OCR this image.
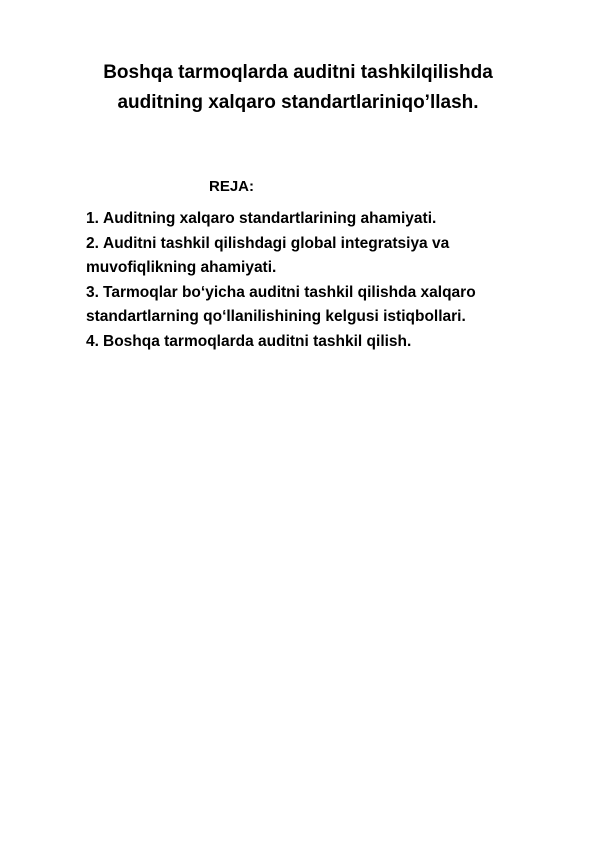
Boshqa tarmoqlarda auditni tashkilqilishda
auditning xalqaro standartlariniqo’llash.

REJA:

1. Auditning xalqaro standartlarining ahamiyati.
2. Auditni tashkil qilishdagi global integratsiya va
muvofiqlikning ahamiyati.
3. Tarmoqlar bo‘yicha auditni tashkil qilishda xalqaro
standartlarning qo‘llanilishining kelgusi istiqbollari.
4. Boshqa tarmoqlarda auditni tashkil qilish.
